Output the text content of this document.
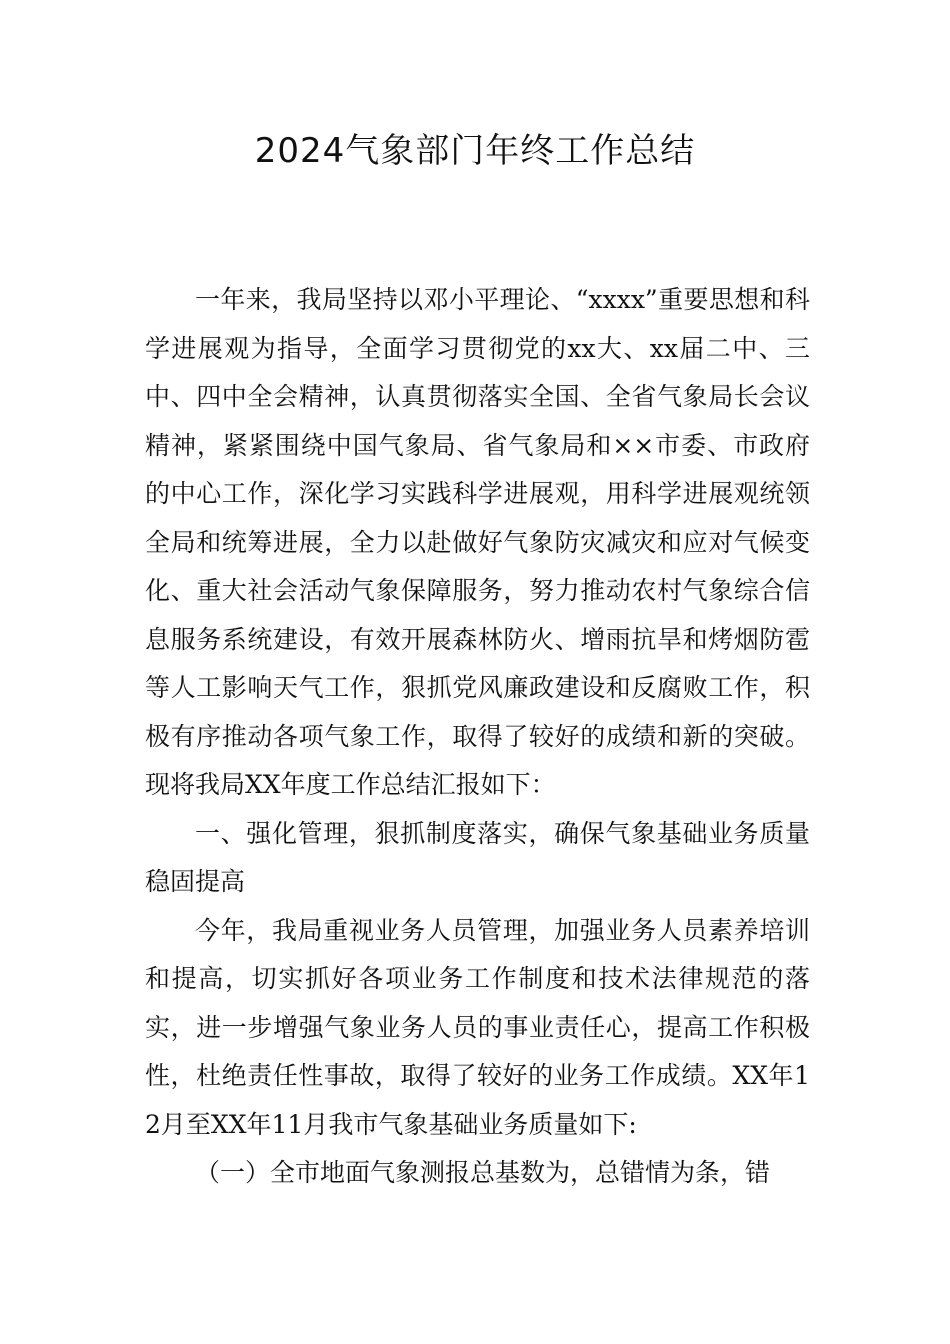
2024气象部门年终工作总结

一年来，我局坚持以邓小平理论、“xxxx”重要思想和科学进展观为指导，全面学习贯彻党的xx大、xx届二中、三中、四中全会精神，认真贯彻落实全国、全省气象局长会议精神，紧紧围绕中国气象局、省气象局和××市委、市政府的中心工作，深化学习实践科学进展观，用科学进展观统领全局和统筹进展，全力以赴做好气象防灾减灾和应对气候变化、重大社会活动气象保障服务，努力推动农村气象综合信息服务系统建设，有效开展森林防火、增雨抗旱和烤烟防雹等人工影响天气工作，狠抓党风廉政建设和反腐败工作，积极有序推动各项气象工作，取得了较好的成绩和新的突破。现将我局XX年度工作总结汇报如下：

一、强化管理，狠抓制度落实，确保气象基础业务质量稳固提高

今年，我局重视业务人员管理，加强业务人员素养培训和提高，切实抓好各项业务工作制度和技术法律规范的落实，进一步增强气象业务人员的事业责任心，提高工作积极性，杜绝责任性事故，取得了较好的业务工作成绩。XX年12月至XX年11月我市气象基础业务质量如下:

（一）全市地面气象测报总基数为，总错情为条，错
